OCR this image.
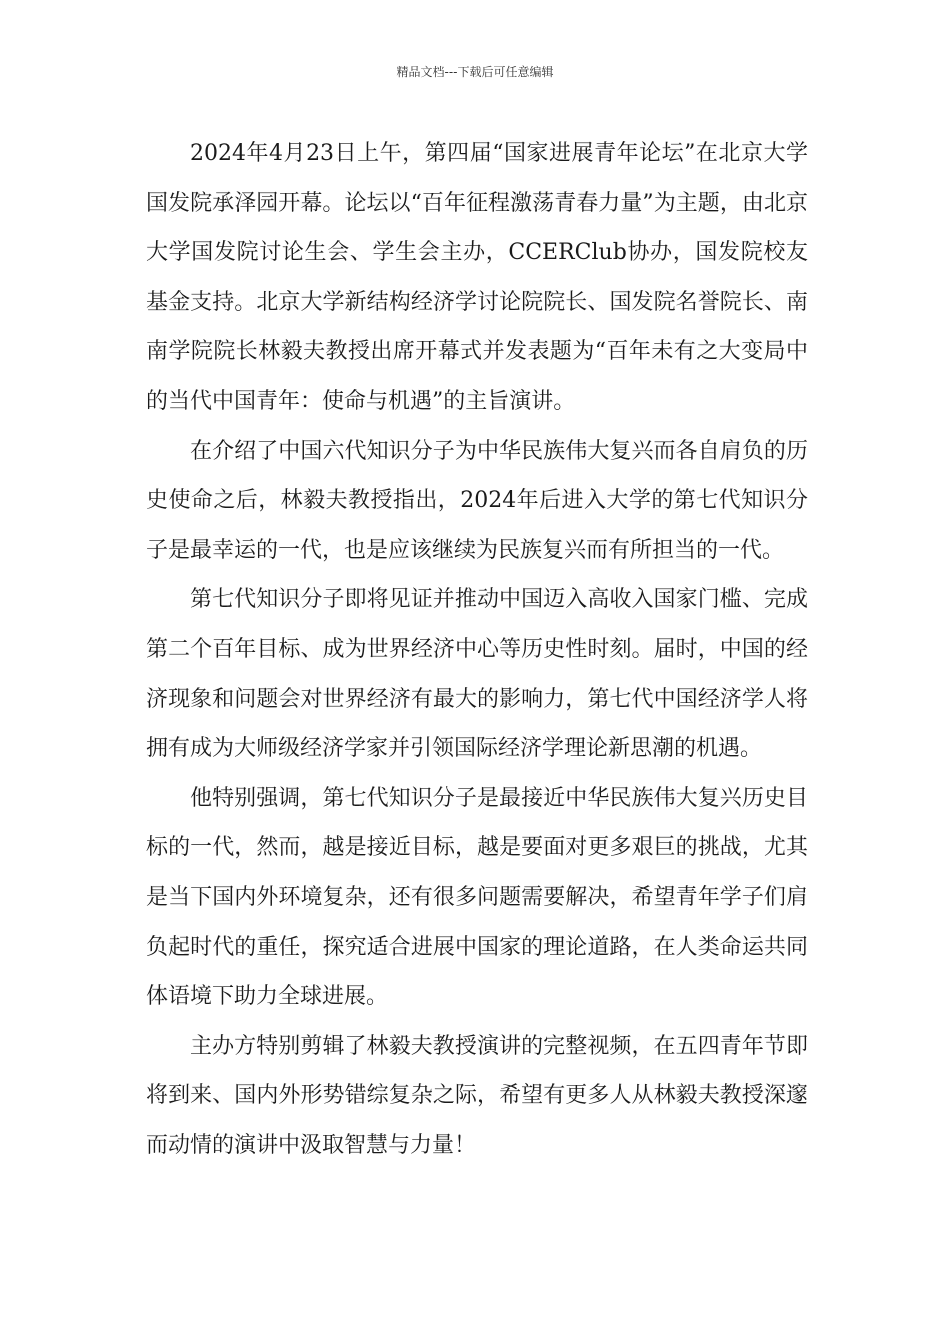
精品文档---下载后可任意编辑

2024年4月23日上午，第四届“国家进展青年论坛”在北京大学国发院承泽园开幕。论坛以“百年征程激荡青春力量”为主题，由北京大学国发院讨论生会、学生会主办，CCERClub协办，国发院校友基金支持。北京大学新结构经济学讨论院院长、国发院名誉院长、南南学院院长林毅夫教授出席开幕式并发表题为“百年未有之大变局中的当代中国青年：使命与机遇”的主旨演讲。

在介绍了中国六代知识分子为中华民族伟大复兴而各自肩负的历史使命之后，林毅夫教授指出，2024年后进入大学的第七代知识分子是最幸运的一代，也是应该继续为民族复兴而有所担当的一代。

第七代知识分子即将见证并推动中国迈入高收入国家门槛、完成第二个百年目标、成为世界经济中心等历史性时刻。届时，中国的经济现象和问题会对世界经济有最大的影响力，第七代中国经济学人将拥有成为大师级经济学家并引领国际经济学理论新思潮的机遇。

他特别强调，第七代知识分子是最接近中华民族伟大复兴历史目标的一代，然而，越是接近目标，越是要面对更多艰巨的挑战，尤其是当下国内外环境复杂，还有很多问题需要解决，希望青年学子们肩负起时代的重任，探究适合进展中国家的理论道路，在人类命运共同体语境下助力全球进展。

主办方特别剪辑了林毅夫教授演讲的完整视频，在五四青年节即将到来、国内外形势错综复杂之际，希望有更多人从林毅夫教授深邃而动情的演讲中汲取智慧与力量！
